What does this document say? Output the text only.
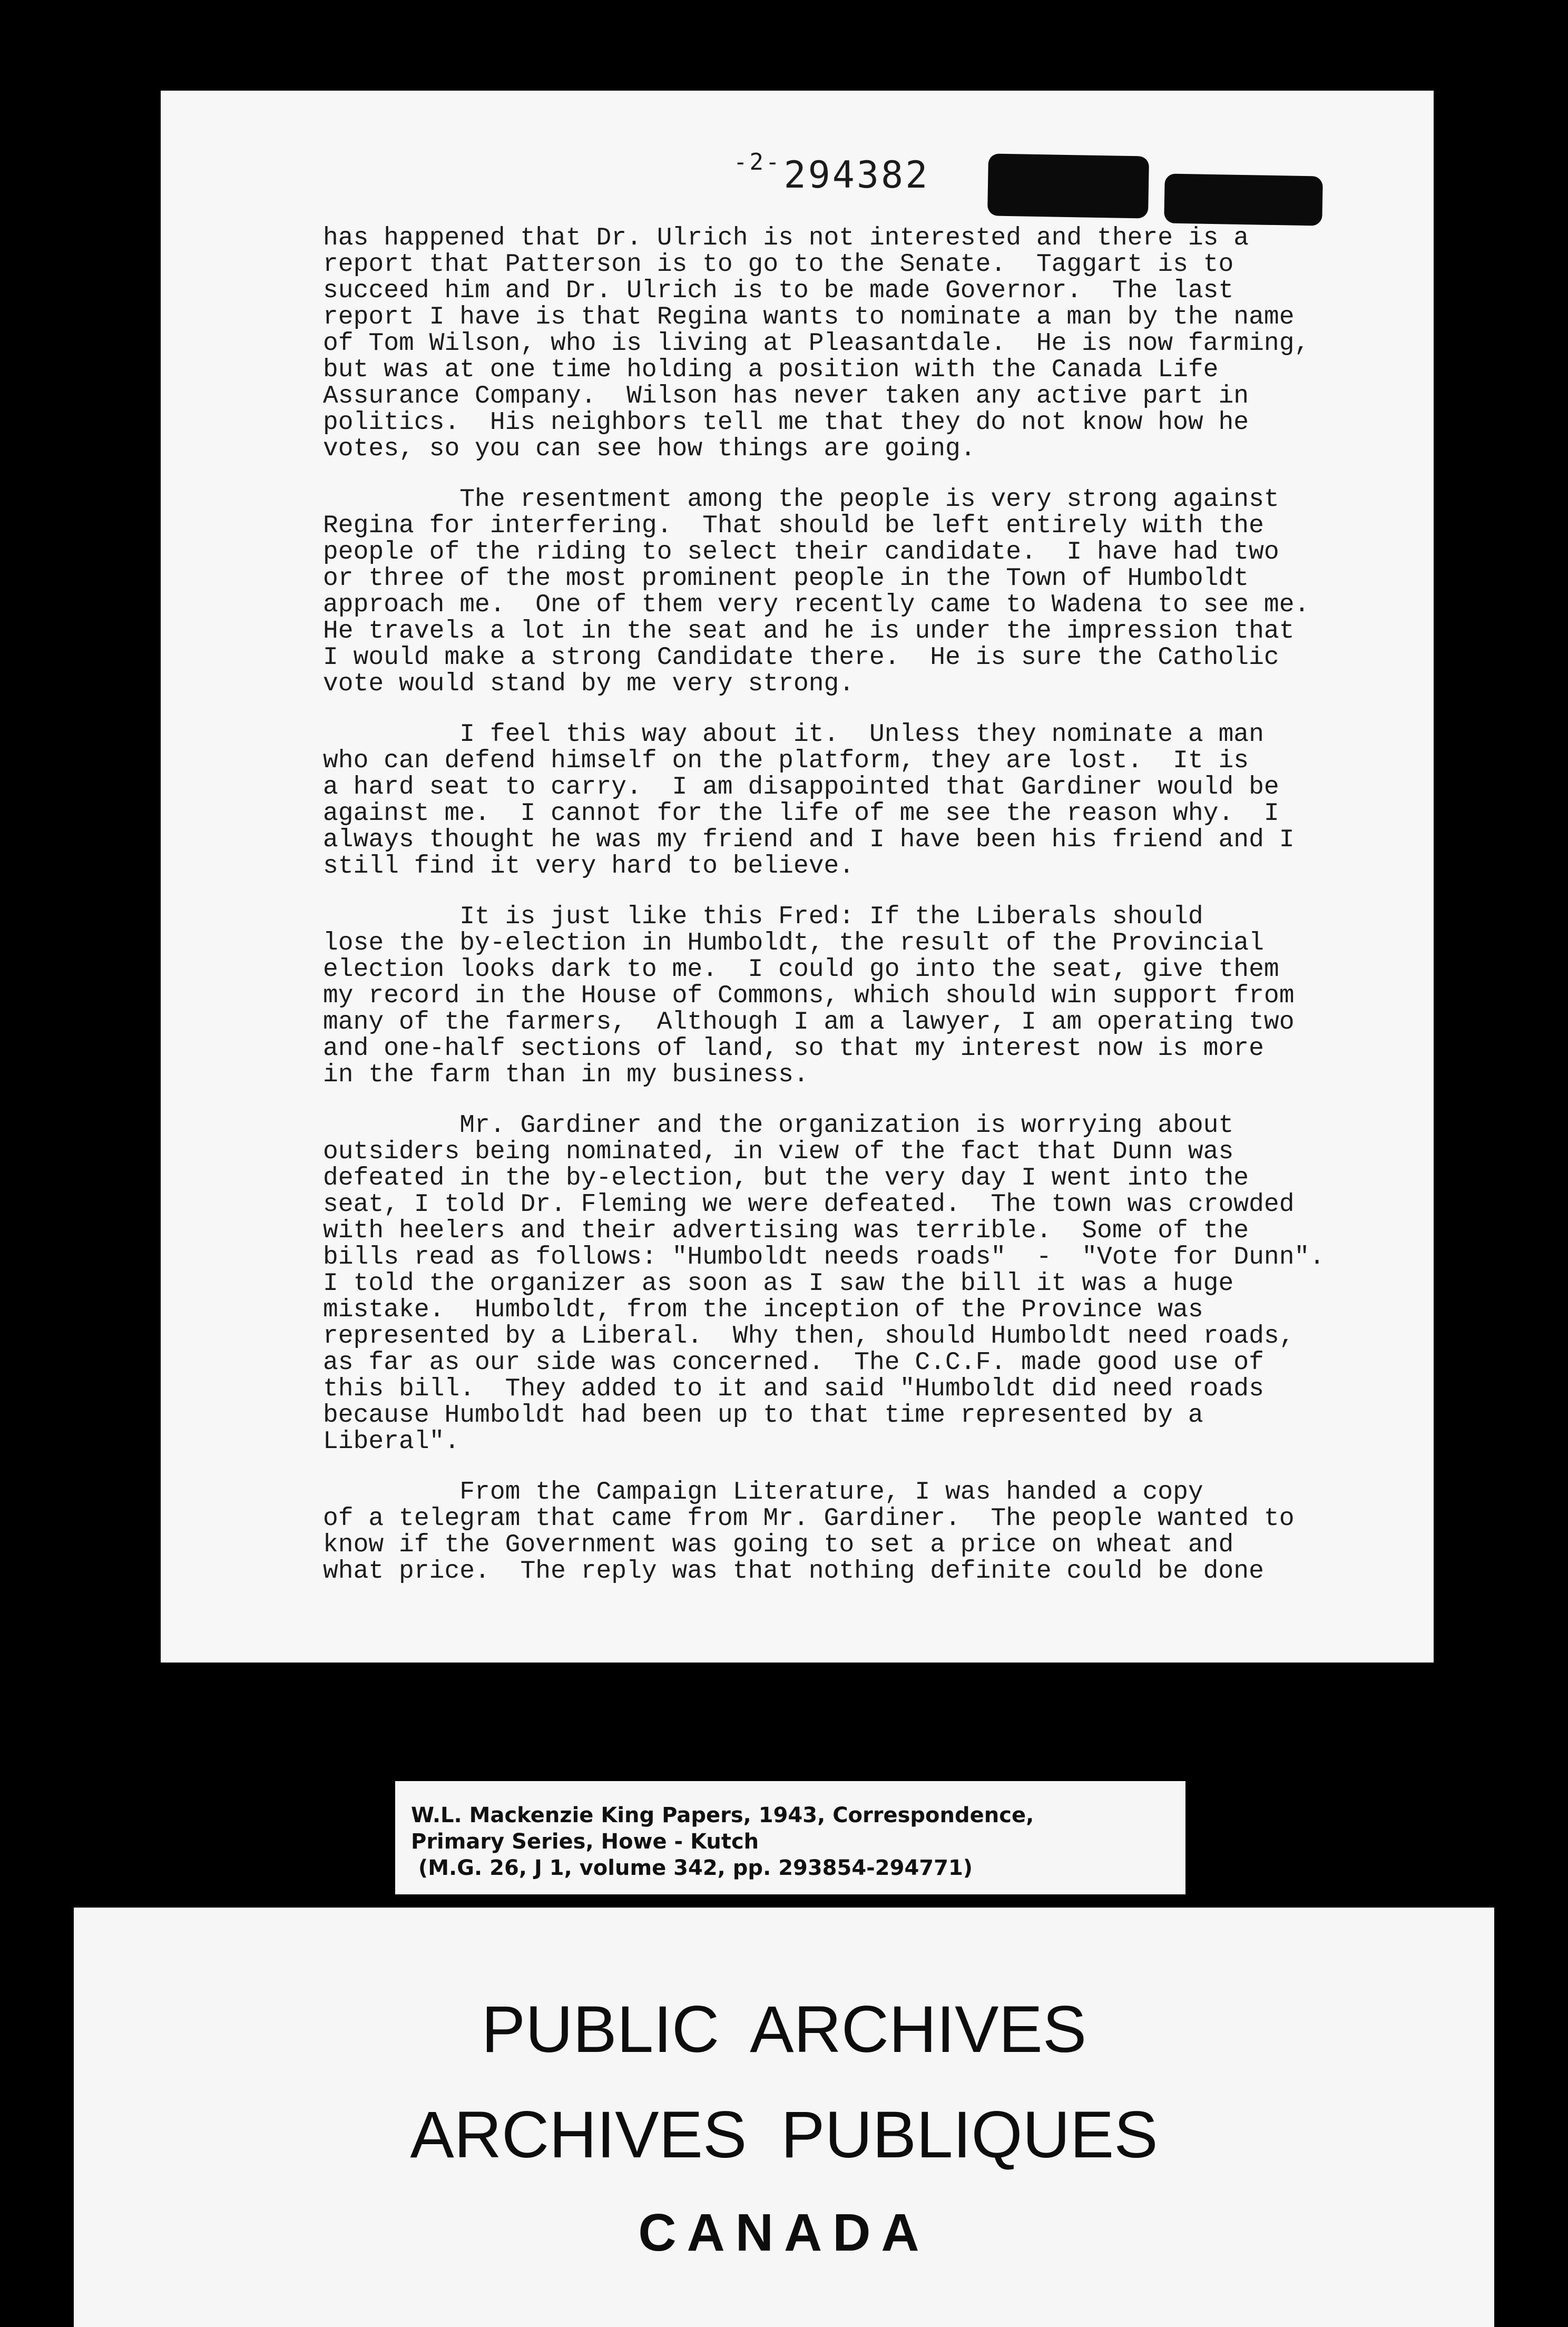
$^{-2-}$294382
has happened that Dr. Ulrich is not interested and there is a
report that Patterson is to go to the Senate.  Taggart is to
succeed him and Dr. Ulrich is to be made Governor.  The last
report I have is that Regina wants to nominate a man by the name
of Tom Wilson, who is living at Pleasantdale.  He is now farming,
but was at one time holding a position with the Canada Life
Assurance Company.  Wilson has never taken any active part in
politics.  His neighbors tell me that they do not know how he
votes, so you can see how things are going.
The resentment among the people is very strong against
Regina for interfering.  That should be left entirely with the
people of the riding to select their candidate.  I have had two
or three of the most prominent people in the Town of Humboldt
approach me.  One of them very recently came to Wadena to see me.
He travels a lot in the seat and he is under the impression that
I would make a strong Candidate there.  He is sure the Catholic
vote would stand by me very strong.
I feel this way about it.  Unless they nominate a man
who can defend himself on the platform, they are lost.  It is
a hard seat to carry.  I am disappointed that Gardiner would be
against me.  I cannot for the life of me see the reason why.  I
always thought he was my friend and I have been his friend and I
still find it very hard to believe.
It is just like this Fred: If the Liberals should
lose the by-election in Humboldt, the result of the Provincial
election looks dark to me.  I could go into the seat, give them
my record in the House of Commons, which should win support from
many of the farmers,  Although I am a lawyer, I am operating two
and one-half sections of land, so that my interest now is more
in the farm than in my business.
Mr. Gardiner and the organization is worrying about
outsiders being nominated, in view of the fact that Dunn was
defeated in the by-election, but the very day I went into the
seat, I told Dr. Fleming we were defeated.  The town was crowded
with heelers and their advertising was terrible.  Some of the
bills read as follows: "Humboldt needs roads"  -  "Vote for Dunn".
I told the organizer as soon as I saw the bill it was a huge
mistake.  Humboldt, from the inception of the Province was
represented by a Liberal.  Why then, should Humboldt need roads,
as far as our side was concerned.  The C.C.F. made good use of
this bill.  They added to it and said "Humboldt did need roads
because Humboldt had been up to that time represented by a
Liberal".
From the Campaign Literature, I was handed a copy
of a telegram that came from Mr. Gardiner.  The people wanted to
know if the Government was going to set a price on wheat and
what price.  The reply was that nothing definite could be done
W.L. Mackenzie King Papers, 1943, Correspondence,
Primary Series, Howe - Kutch
(M.G. 26, J 1, volume 342, pp. 293854-294771)
PUBLIC ARCHIVES
ARCHIVES PUBLIQUES
CANADA
